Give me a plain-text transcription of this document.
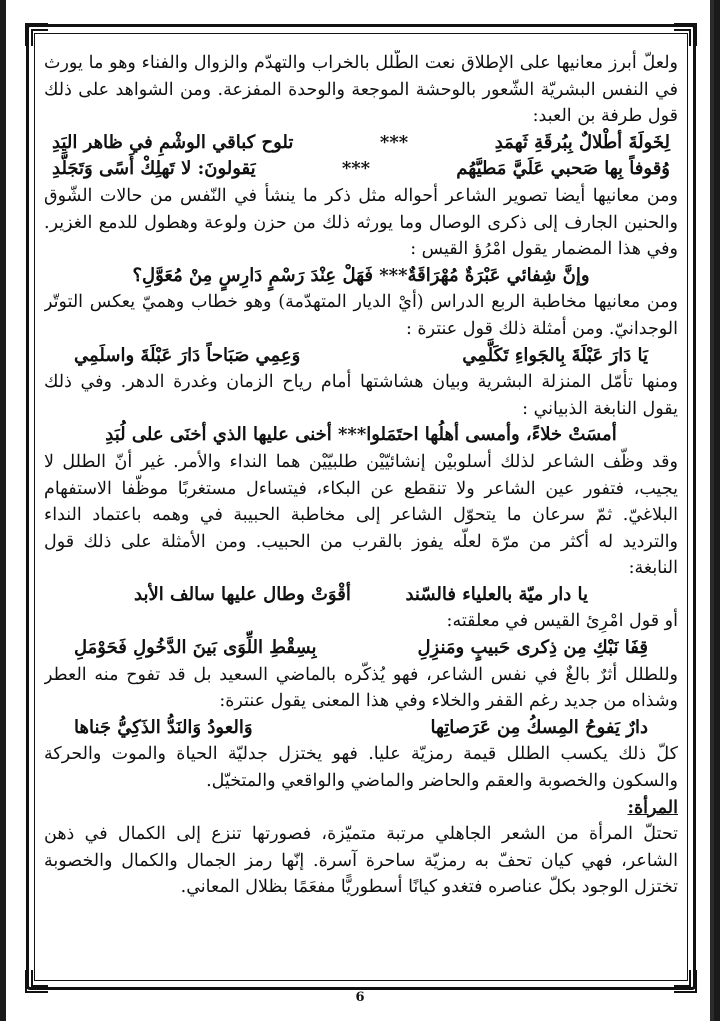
ولعلّ أبرز معانيها على الإطلاق نعت الطّلل بالخراب والتهدّم والزوال والفناء وهو ما يورث في النفس البشريّة الشّعور بالوحشة الموجعة والوحدة المفزعة. ومن الشواهد على ذلك قول طرفة بن العبد:

لِخَولَةَ أطْلالٌ بِبُرقَةِ ثَهمَدِ
***
تلوح كباقي الوشْمِ في ظاهر اليَدِ
وُقوفاً بِها صَحبي عَلَيَّ مَطيَّهُم
***
يَقولونَ: لا تَهلِكْ أَسًى وَتَجَلَّدِ

ومن معانيها أيضا تصوير الشاعر أحواله مثل ذكر ما ينشأ في النّفس من حالات الشّوق والحنين الجارف إلى ذكرى الوصال وما يورثه ذلك من حزن ولوعة وهطول للدمع الغزير. وفي هذا المضمار يقول امْرُؤ القيس :

وإنَّ شِفائي عَبْرَةٌ مُهْرَاقَةٌ*** فَهَلْ عِنْدَ رَسْمٍ دَارِسٍ مِنْ مُعَوَّلِ؟

ومن معانيها مخاطبة الربع الدراس (أيْ الديار المتهدّمة) وهو خطاب وهميّ يعكس التوتّر الوجدانيّ. ومن أمثلة ذلك قول عنترة :

يَا دَارَ عَبْلَةَ بِالجَواءِ تَكَلَّمِي
وَعِمِي صَبَاحاً دَارَ عَبْلَةَ واسلَمِي

ومنها تأمّل المنزلة البشرية وبيان هشاشتها أمام رياح الزمان وغدرة الدهر. وفي ذلك يقول النابغة الذبياني :

أمسَتْ خلاءً، وأمسى أهلُها احتَمَلوا*** أخنى عليها الذي أخنَى على لُبَدِ

وقد وظّف الشاعر لذلك أسلوبيْن إنشائيّيْن طلبيّيْن هما النداء والأمر. غير أنّ الطلل لا يجيب، فتفور عين الشاعر ولا تنقطع عن البكاء، فيتساءل مستغربًا موظّفا الاستفهام البلاغيّ. ثمّ سرعان ما يتحوّل الشاعر إلى مخاطبة الحبيبة في وهمه باعتماد النداء والترديد له أكثر من مرّة لعلّه يفوز بالقرب من الحبيب. ومن الأمثلة على ذلك قول النابغة:

يا دار ميّة بالعلياء فالسّند
أقْوَتْ وطال عليها سالف الأبد

أو قول امْرِئ القيس في معلقته:

قِفَا نَبْكِ مِن ذِكرى حَبيبٍ ومَنزِلِ
بِسِقْطِ اللِّوَى بَينَ الدَّخُولِ فَحَوْمَلِ

وللطلل أثرٌ بالغٌ في نفس الشاعر، فهو يُذكّره بالماضي السعيد بل قد تفوح منه العطر وشذاه من جديد رغم القفر والخلاء وفي هذا المعنى يقول عنترة:

دارٌ يَفوحُ المِسكُ مِن عَرَصاتِها
وَالعودُ وَالنَدُّ الذَكِيُّ جَناها

كلّ ذلك يكسب الطلل قيمة رمزيّة عليا. فهو يختزل جدليّة الحياة والموت والحركة والسكون والخصوبة والعقم والحاضر والماضي والواقعي والمتخيّل.

المرأة:

تحتلّ المرأة من الشعر الجاهلي مرتبة متميّزة، فصورتها تنزع إلى الكمال في ذهن الشاعر، فهي كيان تحفّ به رمزيّة ساحرة آسرة. إنّها رمز الجمال والكمال والخصوبة تختزل الوجود بكلّ عناصره فتغدو كيانًا أسطوريًّا مفعَمًا بظلال المعاني.

6
